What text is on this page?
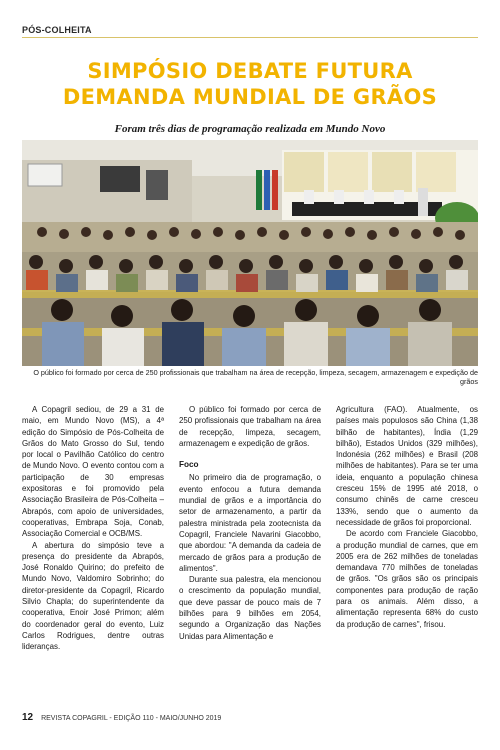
PÓS-COLHEITA
SIMPÓSIO DEBATE FUTURA
DEMANDA MUNDIAL DE GRÃOS
Foram três dias de programação realizada em Mundo Novo
O público foi formado por cerca de 250 profissionais que trabalham na área de recepção, limpeza, secagem, armazenagem e expedição de grãos

A Copagril sediou, de 29 a 31 de maio, em Mundo Novo (MS), a 4ª edição do Simpósio de Pós-Colheita de Grãos do Mato Grosso do Sul, tendo por local o Pavilhão Católico do centro de Mundo Novo. O evento contou com a participação de 30 empresas expositoras e foi promovido pela Associação Brasileira de Pós-Colheita – Abrapós, com apoio de universidades, cooperativas, Embrapa Soja, Conab, Associação Comercial e OCB/MS.

A abertura do simpósio teve a presença do presidente da Abrapós, José Ronaldo Quirino; do prefeito de Mundo Novo, Valdomiro Sobrinho; do diretor-presidente da Copagril, Ricardo Silvio Chapla; do superintendente da cooperativa, Enoir José Primon; além do coordenador geral do evento, Luiz Carlos Rodrigues, dentre outras lideranças.

O público foi formado por cerca de 250 profissionais que trabalham na área de recepção, limpeza, secagem, armazenagem e expedição de grãos.

Foco

No primeiro dia de programação, o evento enfocou a futura demanda mundial de grãos e a importância do setor de armazenamento, a partir da palestra ministrada pela zootecnista da Copagril, Franciele Navarini Giacobbo, que abordou: "A demanda da cadeia de mercado de grãos para a produção de alimentos".

Durante sua palestra, ela mencionou o crescimento da população mundial, que deve passar de pouco mais de 7 bilhões para 9 bilhões em 2054, segundo a Organização das Nações Unidas para Alimentação e

Agricultura (FAO). Atualmente, os países mais populosos são China (1,38 bilhão de habitantes), Índia (1,29 bilhão), Estados Unidos (329 milhões), Indonésia (262 milhões) e Brasil (208 milhões de habitantes). Para se ter uma ideia, enquanto a população chinesa cresceu 15% de 1995 até 2018, o consumo chinês de carne cresceu 133%, sendo que o aumento da necessidade de grãos foi proporcional.

De acordo com Franciele Giacobbo, a produção mundial de carnes, que em 2005 era de 262 milhões de toneladas demandava 770 milhões de toneladas de grãos. "Os grãos são os principais componentes para produção de ração para os animais. Além disso, a alimentação representa 68% do custo da produção de carnes", frisou.

12 REVISTA COPAGRIL - EDIÇÃO 110 - MAIO/JUNHO 2019
